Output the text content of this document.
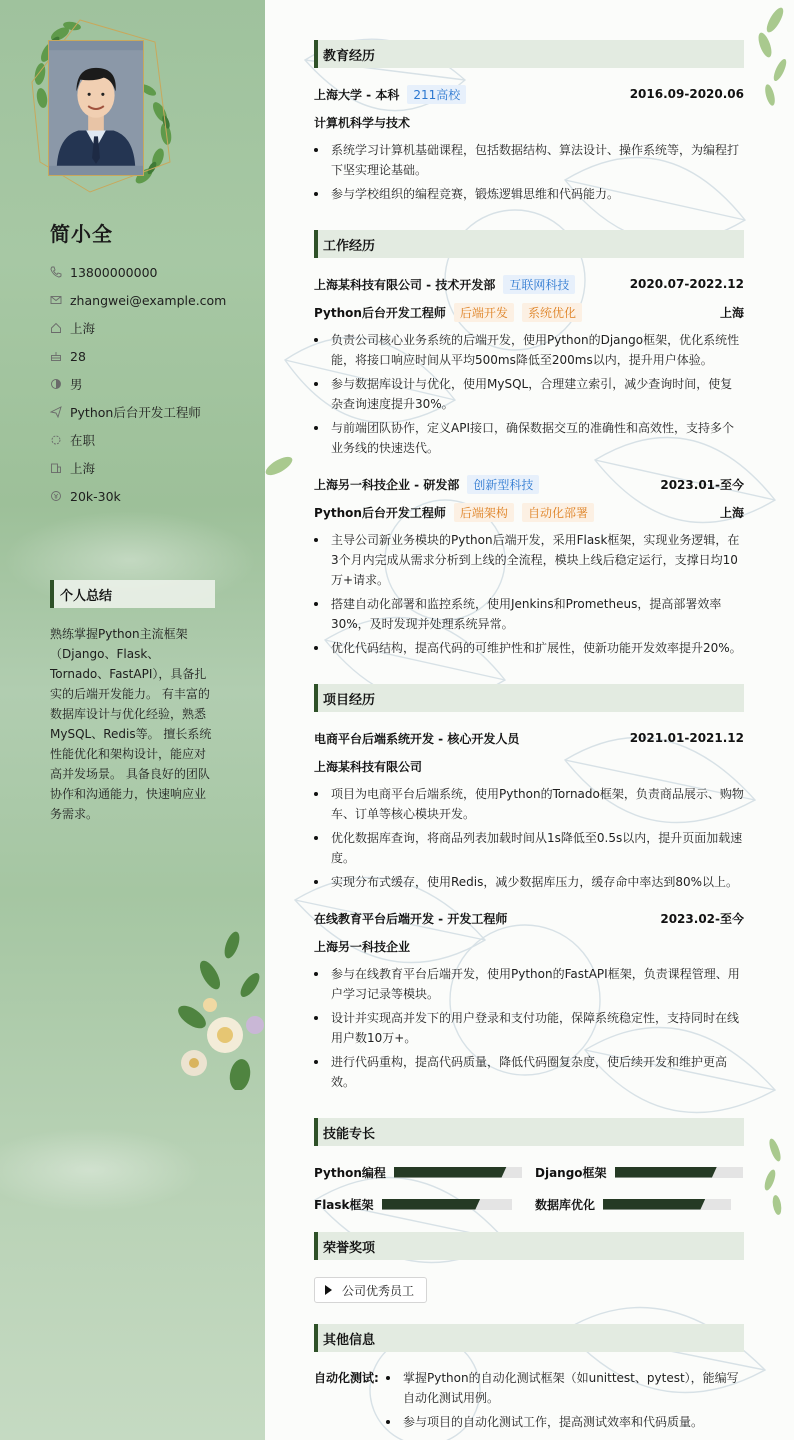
简小全
13800000000
zhangwei@example.com
上海
28
男
Python后台开发工程师
在职
上海
20k-30k
个人总结
熟练掌握Python主流框架（Django、Flask、Tornado、FastAPI），具备扎实的后端开发能力。 有丰富的数据库设计与优化经验，熟悉MySQL、Redis等。 擅长系统性能优化和架构设计，能应对高并发场景。 具备良好的团队协作和沟通能力，快速响应业务需求。
教育经历
上海大学 - 本科	211高校	2016.09-2020.06
计算机科学与技术
系统学习计算机基础课程，包括数据结构、算法设计、操作系统等，为编程打下坚实理论基础。
参与学校组织的编程竞赛，锻炼逻辑思维和代码能力。
工作经历
上海某科技有限公司 - 技术开发部	互联网科技	2020.07-2022.12
Python后台开发工程师	后端开发	系统优化	上海
负责公司核心业务系统的后端开发，使用Python的Django框架，优化系统性能，将接口响应时间从平均500ms降低至200ms以内，提升用户体验。
参与数据库设计与优化，使用MySQL，合理建立索引，减少查询时间，使复杂查询速度提升30%。
与前端团队协作，定义API接口，确保数据交互的准确性和高效性，支持多个业务线的快速迭代。
上海另一科技企业 - 研发部	创新型科技	2023.01-至今
Python后台开发工程师	后端架构	自动化部署	上海
主导公司新业务模块的Python后端开发，采用Flask框架，实现业务逻辑，在3个月内完成从需求分析到上线的全流程，模块上线后稳定运行，支撑日均10万+请求。
搭建自动化部署和监控系统，使用Jenkins和Prometheus，提高部署效率30%，及时发现并处理系统异常。
优化代码结构，提高代码的可维护性和扩展性，使新功能开发效率提升20%。
项目经历
电商平台后端系统开发 - 核心开发人员	2021.01-2021.12
上海某科技有限公司
项目为电商平台后端系统，使用Python的Tornado框架，负责商品展示、购物车、订单等核心模块开发。
优化数据库查询，将商品列表加载时间从1s降低至0.5s以内，提升页面加载速度。
实现分布式缓存，使用Redis，减少数据库压力，缓存命中率达到80%以上。
在线教育平台后端开发 - 开发工程师	2023.02-至今
上海另一科技企业
参与在线教育平台后端开发，使用Python的FastAPI框架，负责课程管理、用户学习记录等模块。
设计并实现高并发下的用户登录和支付功能，保障系统稳定性，支持同时在线用户数10万+。
进行代码重构，提高代码质量，降低代码圈复杂度，使后续开发和维护更高效。
技能专长
Python编程	Django框架
Flask框架	数据库优化
荣誉奖项
公司优秀员工
其他信息
自动化测试:	掌握Python的自动化测试框架（如unittest、pytest），能编写自动化测试用例。
参与项目的自动化测试工作，提高测试效率和代码质量。
